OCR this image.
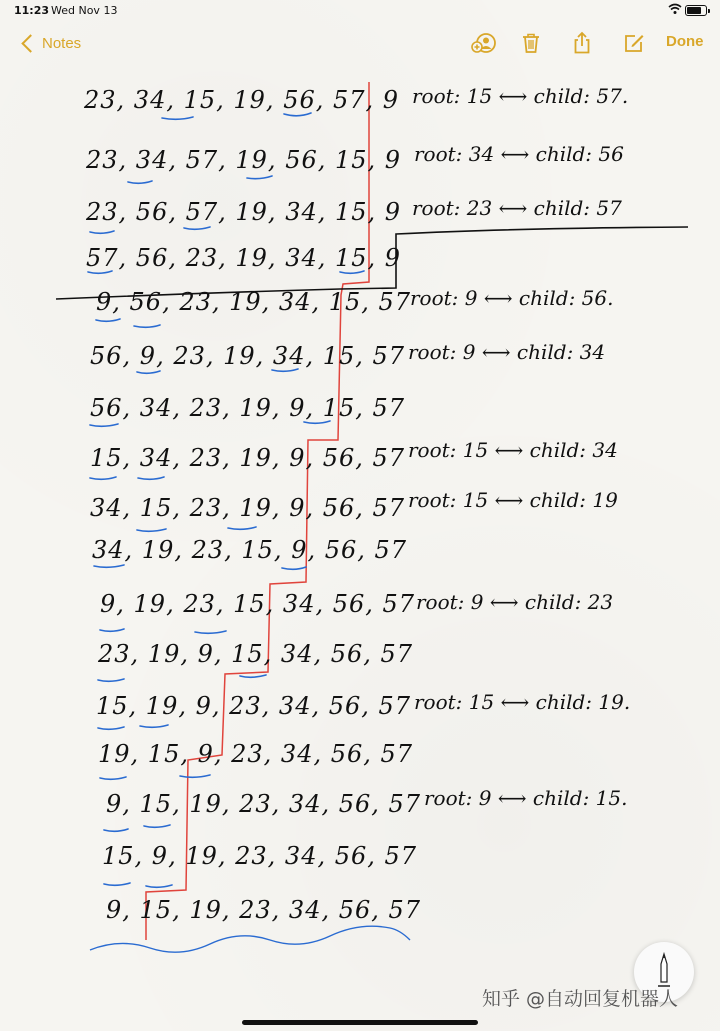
11:23 Wed Nov 13
Notes	Done
23, 34, 15, 19, 56, 57, 9
23, 34, 57, 19, 56, 15, 9
23, 56, 57, 19, 34, 15, 9
57, 56, 23, 19, 34, 15, 9
9, 56, 23, 19, 34, 15, 57
56, 9, 23, 19, 34, 15, 57
56, 34, 23, 19, 9, 15, 57
15, 34, 23, 19, 9, 56, 57
34, 15, 23, 19, 9, 56, 57
34, 19, 23, 15, 9, 56, 57
9, 19, 23, 15, 34, 56, 57
23, 19, 9, 15, 34, 56, 57
15, 19, 9, 23, 34, 56, 57
19, 15, 9, 23, 34, 56, 57
9, 15, 19, 23, 34, 56, 57
15, 9, 19, 23, 34, 56, 57
9, 15, 19, 23, 34, 56, 57
root: 15 ⟷ child: 57.
root: 34 ⟷ child: 56
root: 23 ⟷ child: 57
root: 9 ⟷ child: 56.
root: 9 ⟷ child: 34
root: 15 ⟷ child: 34
root: 15 ⟷ child: 19
root: 9 ⟷ child: 23
root: 15 ⟷ child: 19.
root: 9 ⟷ child: 15.
知乎 @自动回复机器人
